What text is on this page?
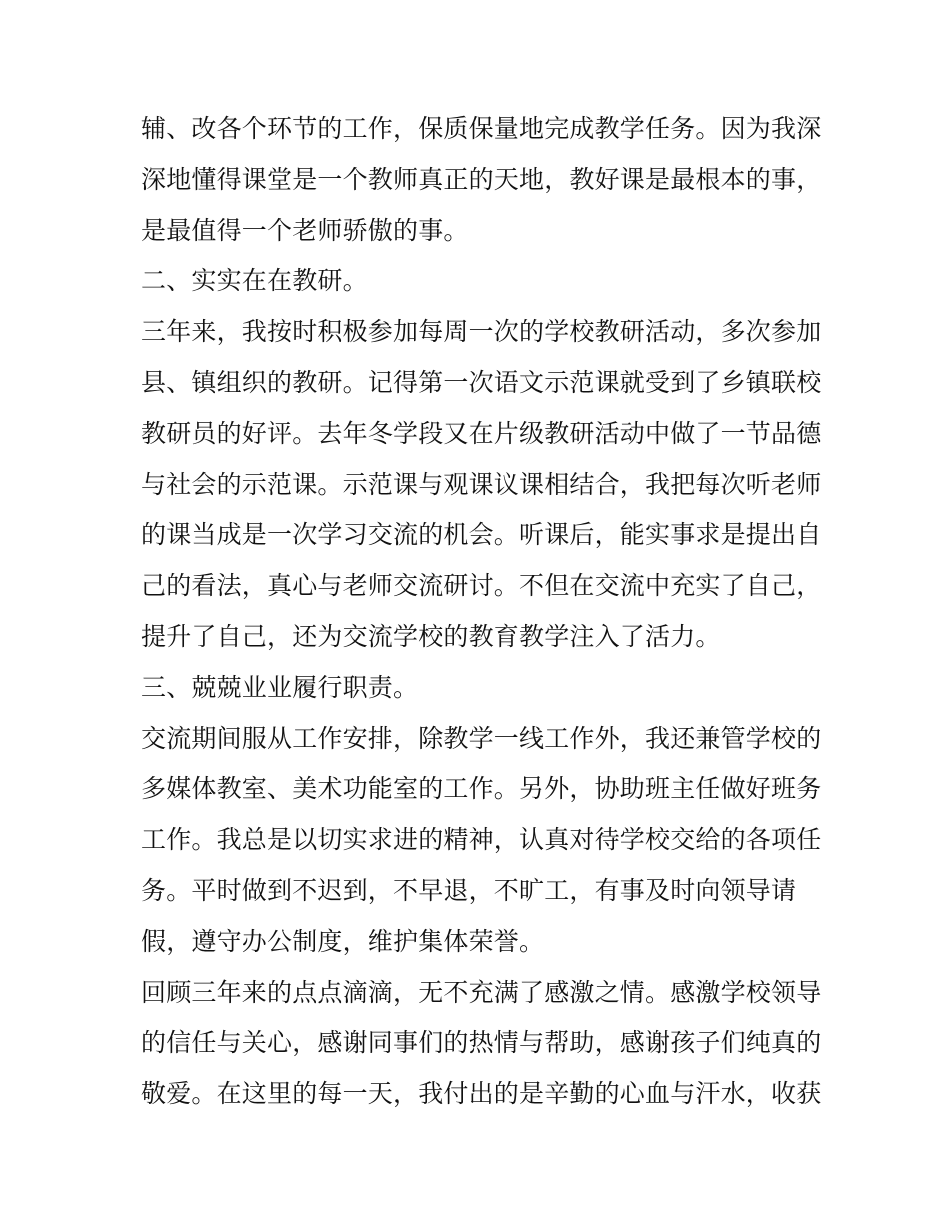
辅、改各个环节的工作，保质保量地完成教学任务。因为我深
深地懂得课堂是一个教师真正的天地，教好课是最根本的事，
是最值得一个老师骄傲的事。
二、实实在在教研。
三年来，我按时积极参加每周一次的学校教研活动，多次参加
县、镇组织的教研。记得第一次语文示范课就受到了乡镇联校
教研员的好评。去年冬学段又在片级教研活动中做了一节品德
与社会的示范课。示范课与观课议课相结合，我把每次听老师
的课当成是一次学习交流的机会。听课后，能实事求是提出自
己的看法，真心与老师交流研讨。不但在交流中充实了自己，
提升了自己，还为交流学校的教育教学注入了活力。
三、兢兢业业履行职责。
交流期间服从工作安排，除教学一线工作外，我还兼管学校的
多媒体教室、美术功能室的工作。另外，协助班主任做好班务
工作。我总是以切实求进的精神，认真对待学校交给的各项任
务。平时做到不迟到，不早退，不旷工，有事及时向领导请
假，遵守办公制度，维护集体荣誉。
回顾三年来的点点滴滴，无不充满了感激之情。感激学校领导
的信任与关心，感谢同事们的热情与帮助，感谢孩子们纯真的
敬爱。在这里的每一天，我付出的是辛勤的心血与汗水，收获
